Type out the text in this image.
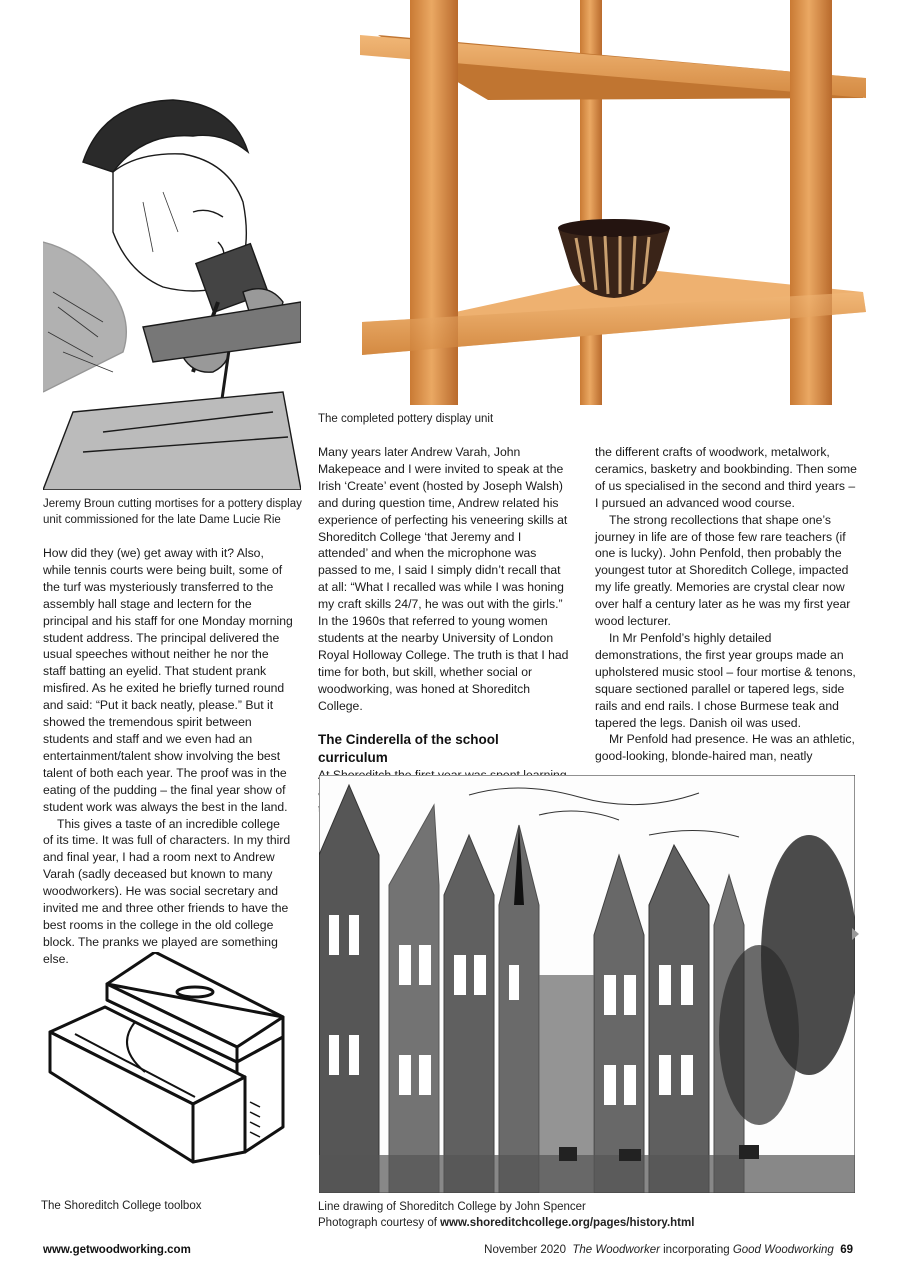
The completed pottery display unit
Jeremy Broun cutting mortises for a pottery display
unit commissioned for the late Dame Lucie Rie

How did they (we) get away with it? Also, while tennis courts were being built, some of the turf was mysteriously transferred to the assembly hall stage and lectern for the principal and his staff for one Monday morning student address. The principal delivered the usual speeches without neither he nor the staff batting an eyelid. That student prank misfired. As he exited he briefly turned round and said: “Put it back neatly, please.” But it showed the tremendous spirit between students and staff and we even had an entertainment/talent show involving the best talent of both each year. The proof was in the eating of the pudding – the final year show of student work was always the best in the land.

This gives a taste of an incredible college of its time. It was full of characters. In my third and final year, I had a room next to Andrew Varah (sadly deceased but known to many woodworkers). He was social secretary and invited me and three other friends to have the best rooms in the college in the old college block. The pranks we played are something else.

The Shoreditch College toolbox

Many years later Andrew Varah, John Makepeace and I were invited to speak at the Irish ‘Create’ event (hosted by Joseph Walsh) and during question time, Andrew related his experience of perfecting his veneering skills at Shoreditch College ‘that Jeremy and I attended’ and when the microphone was passed to me, I said I simply didn’t recall that at all: “What I recalled was while I was honing my craft skills 24/7, he was out with the girls.” In the 1960s that referred to young women students at the nearby University of London Royal Holloway College. The truth is that I had time for both, but skill, whether social or woodworking, was honed at Shoreditch College.

The Cinderella of the school curriculum

the different crafts of woodwork, metalwork, ceramics, basketry and bookbinding. Then some of us specialised in the second and third years – I pursued an advanced wood course.

The strong recollections that shape one’s journey in life are of those few rare teachers (if one is lucky). John Penfold, then probably the youngest tutor at Shoreditch College, impacted my life greatly. Memories are crystal clear now over half a century later as he was my first year wood lecturer.

In Mr Penfold’s highly detailed demonstrations, the first year groups made an upholstered music stool – four mortise & tenons, square sectioned parallel or tapered legs, side rails and end rails. I chose Burmese teak and tapered the legs. Danish oil was used.

Mr Penfold had presence. He was an athletic, good-looking, blonde-haired man, neatly

Line drawing of Shoreditch College by John Spencer
Photograph courtesy of www.shoreditchcollege.org/pages/history.html
www.getwoodworking.com	November 2020 The Woodworker incorporating Good Woodworking 69
